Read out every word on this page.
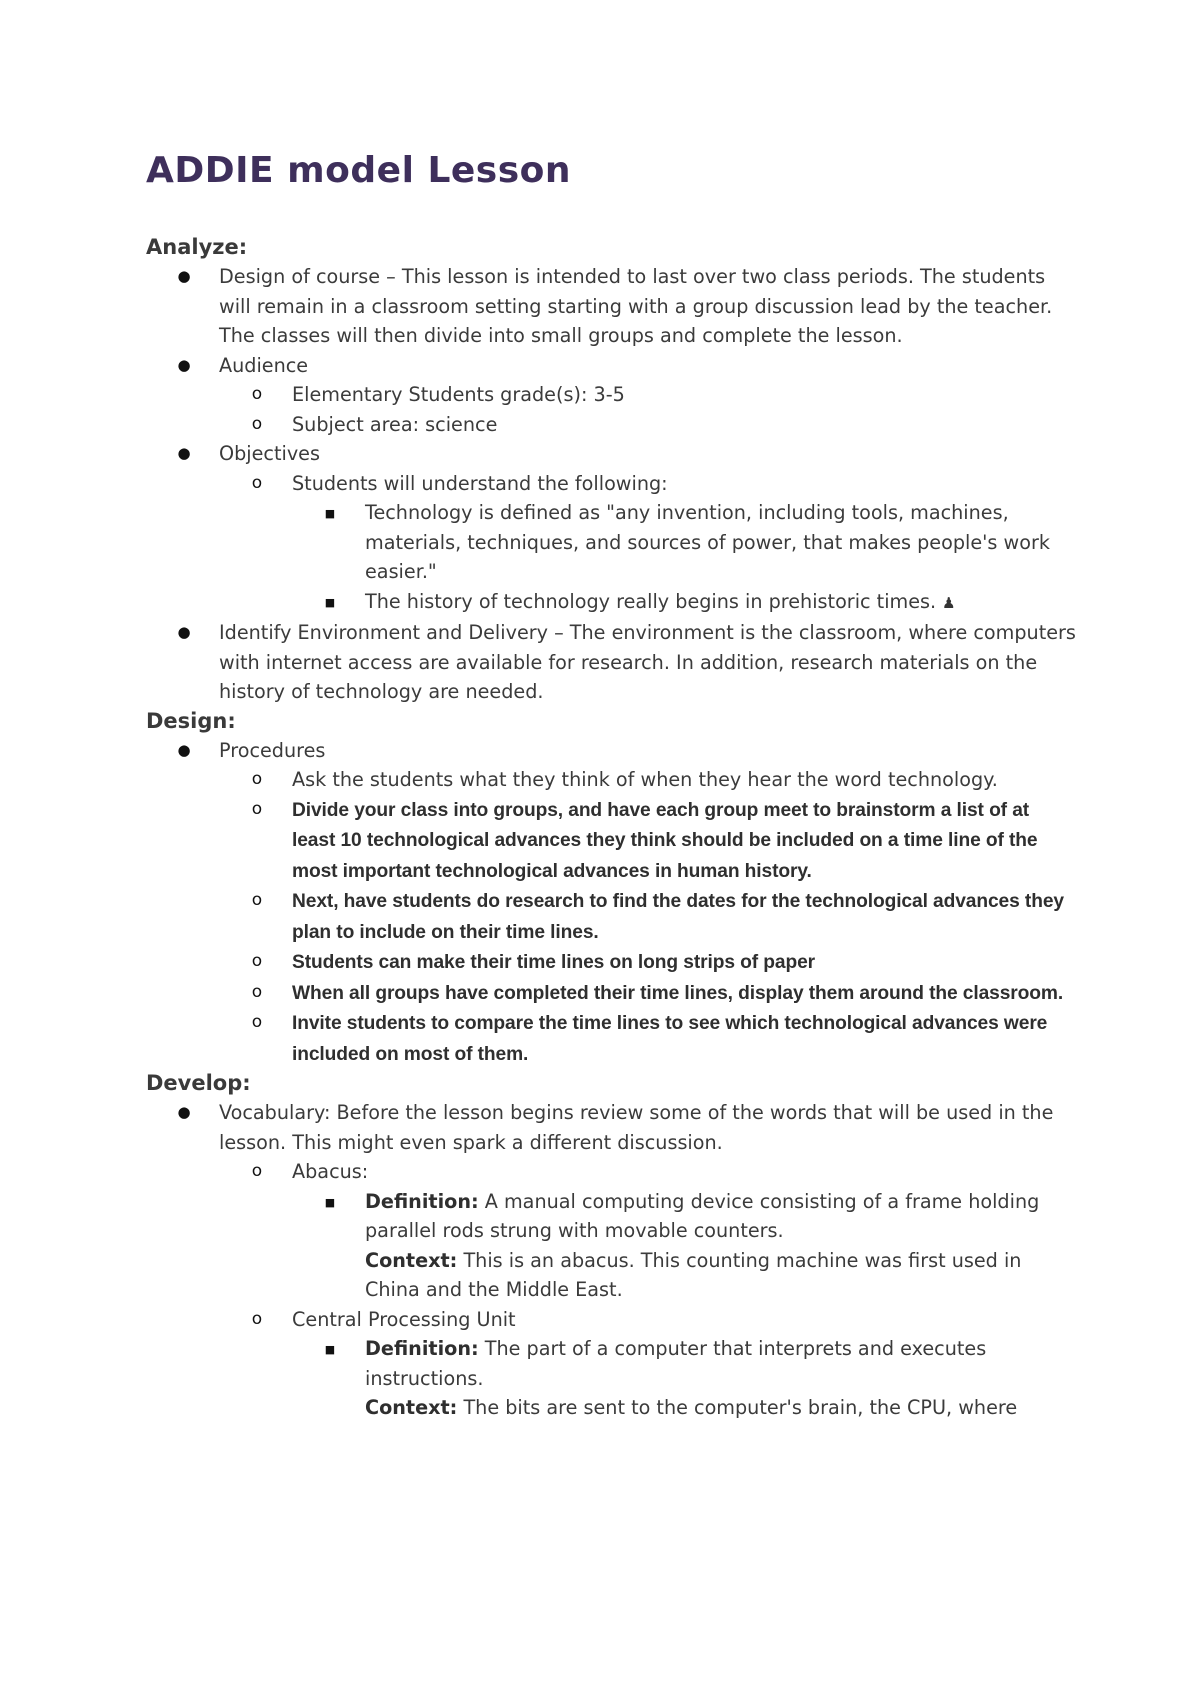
ADDIE model Lesson
Analyze:
● Design of course – This lesson is intended to last over two class periods. The students will remain in a classroom setting starting with a group discussion lead by the teacher. The classes will then divide into small groups and complete the lesson.
● Audience
o Elementary Students grade(s): 3-5
o Subject area: science
● Objectives
o Students will understand the following:
■ Technology is defined as "any invention, including tools, machines, materials, techniques, and sources of power, that makes people's work easier."
■ The history of technology really begins in prehistoric times. ♟
● Identify Environment and Delivery – The environment is the classroom, where computers with internet access are available for research. In addition, research materials on the history of technology are needed.
Design:
● Procedures
o Ask the students what they think of when they hear the word technology.
o Divide your class into groups, and have each group meet to brainstorm a list of at least 10 technological advances they think should be included on a time line of the most important technological advances in human history.
o Next, have students do research to find the dates for the technological advances they plan to include on their time lines.
o Students can make their time lines on long strips of paper
o When all groups have completed their time lines, display them around the classroom.
o Invite students to compare the time lines to see which technological advances were included on most of them.
Develop:
● Vocabulary: Before the lesson begins review some of the words that will be used in the lesson. This might even spark a different discussion.
o Abacus:
■ Definition: A manual computing device consisting of a frame holding parallel rods strung with movable counters.
Context: This is an abacus. This counting machine was first used in China and the Middle East.
o Central Processing Unit
■ Definition: The part of a computer that interprets and executes instructions.
Context: The bits are sent to the computer's brain, the CPU, where
